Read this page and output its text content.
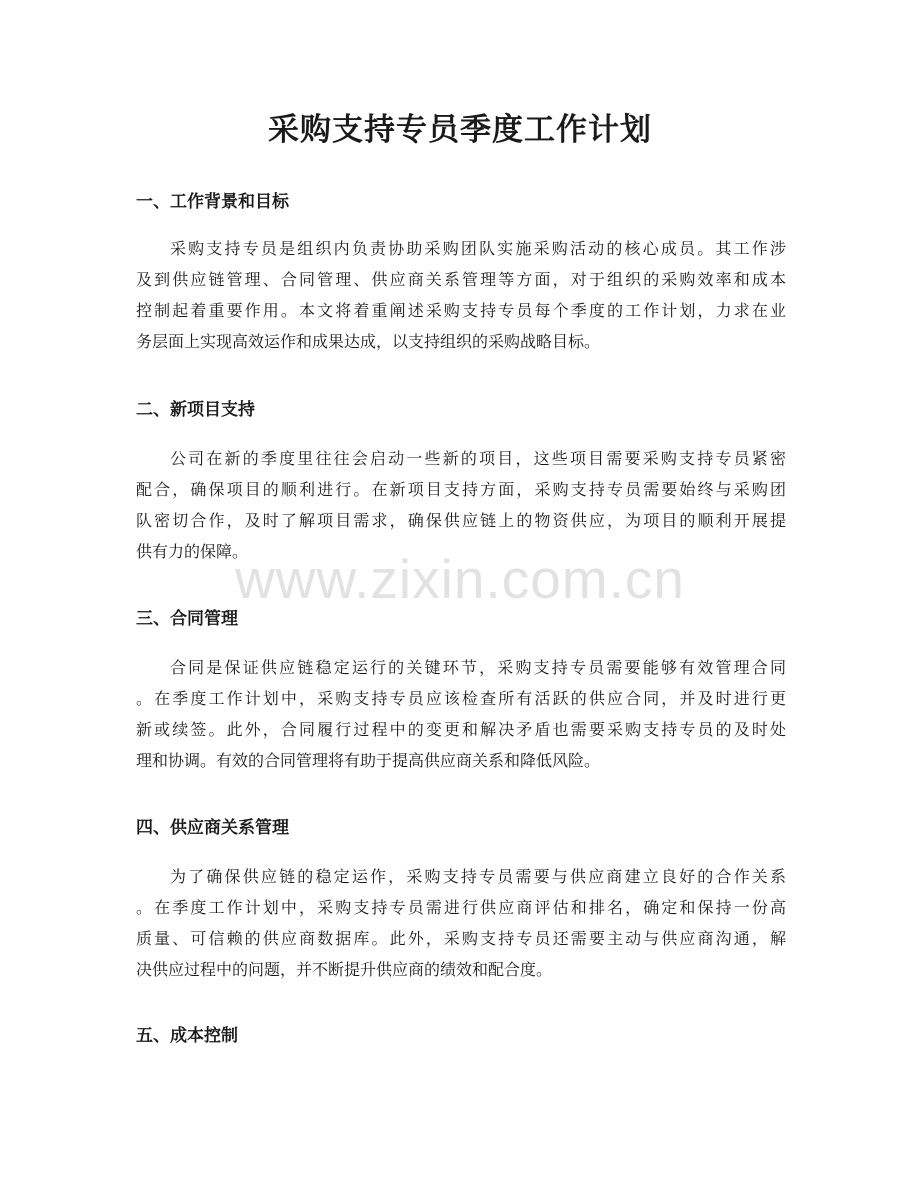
采购支持专员季度工作计划
一、工作背景和目标
采购支持专员是组织内负责协助采购团队实施采购活动的核心成员。其工作涉
及到供应链管理、合同管理、供应商关系管理等方面，对于组织的采购效率和成本
控制起着重要作用。本文将着重阐述采购支持专员每个季度的工作计划，力求在业
务层面上实现高效运作和成果达成，以支持组织的采购战略目标。
二、新项目支持
公司在新的季度里往往会启动一些新的项目，这些项目需要采购支持专员紧密
配合，确保项目的顺利进行。在新项目支持方面，采购支持专员需要始终与采购团
队密切合作，及时了解项目需求，确保供应链上的物资供应，为项目的顺利开展提
供有力的保障。
三、合同管理
合同是保证供应链稳定运行的关键环节，采购支持专员需要能够有效管理合同
。在季度工作计划中，采购支持专员应该检查所有活跃的供应合同，并及时进行更
新或续签。此外，合同履行过程中的变更和解决矛盾也需要采购支持专员的及时处
理和协调。有效的合同管理将有助于提高供应商关系和降低风险。
四、供应商关系管理
为了确保供应链的稳定运作，采购支持专员需要与供应商建立良好的合作关系
。在季度工作计划中，采购支持专员需进行供应商评估和排名，确定和保持一份高
质量、可信赖的供应商数据库。此外，采购支持专员还需要主动与供应商沟通，解
决供应过程中的问题，并不断提升供应商的绩效和配合度。
五、成本控制
www.zixin.com.cn
